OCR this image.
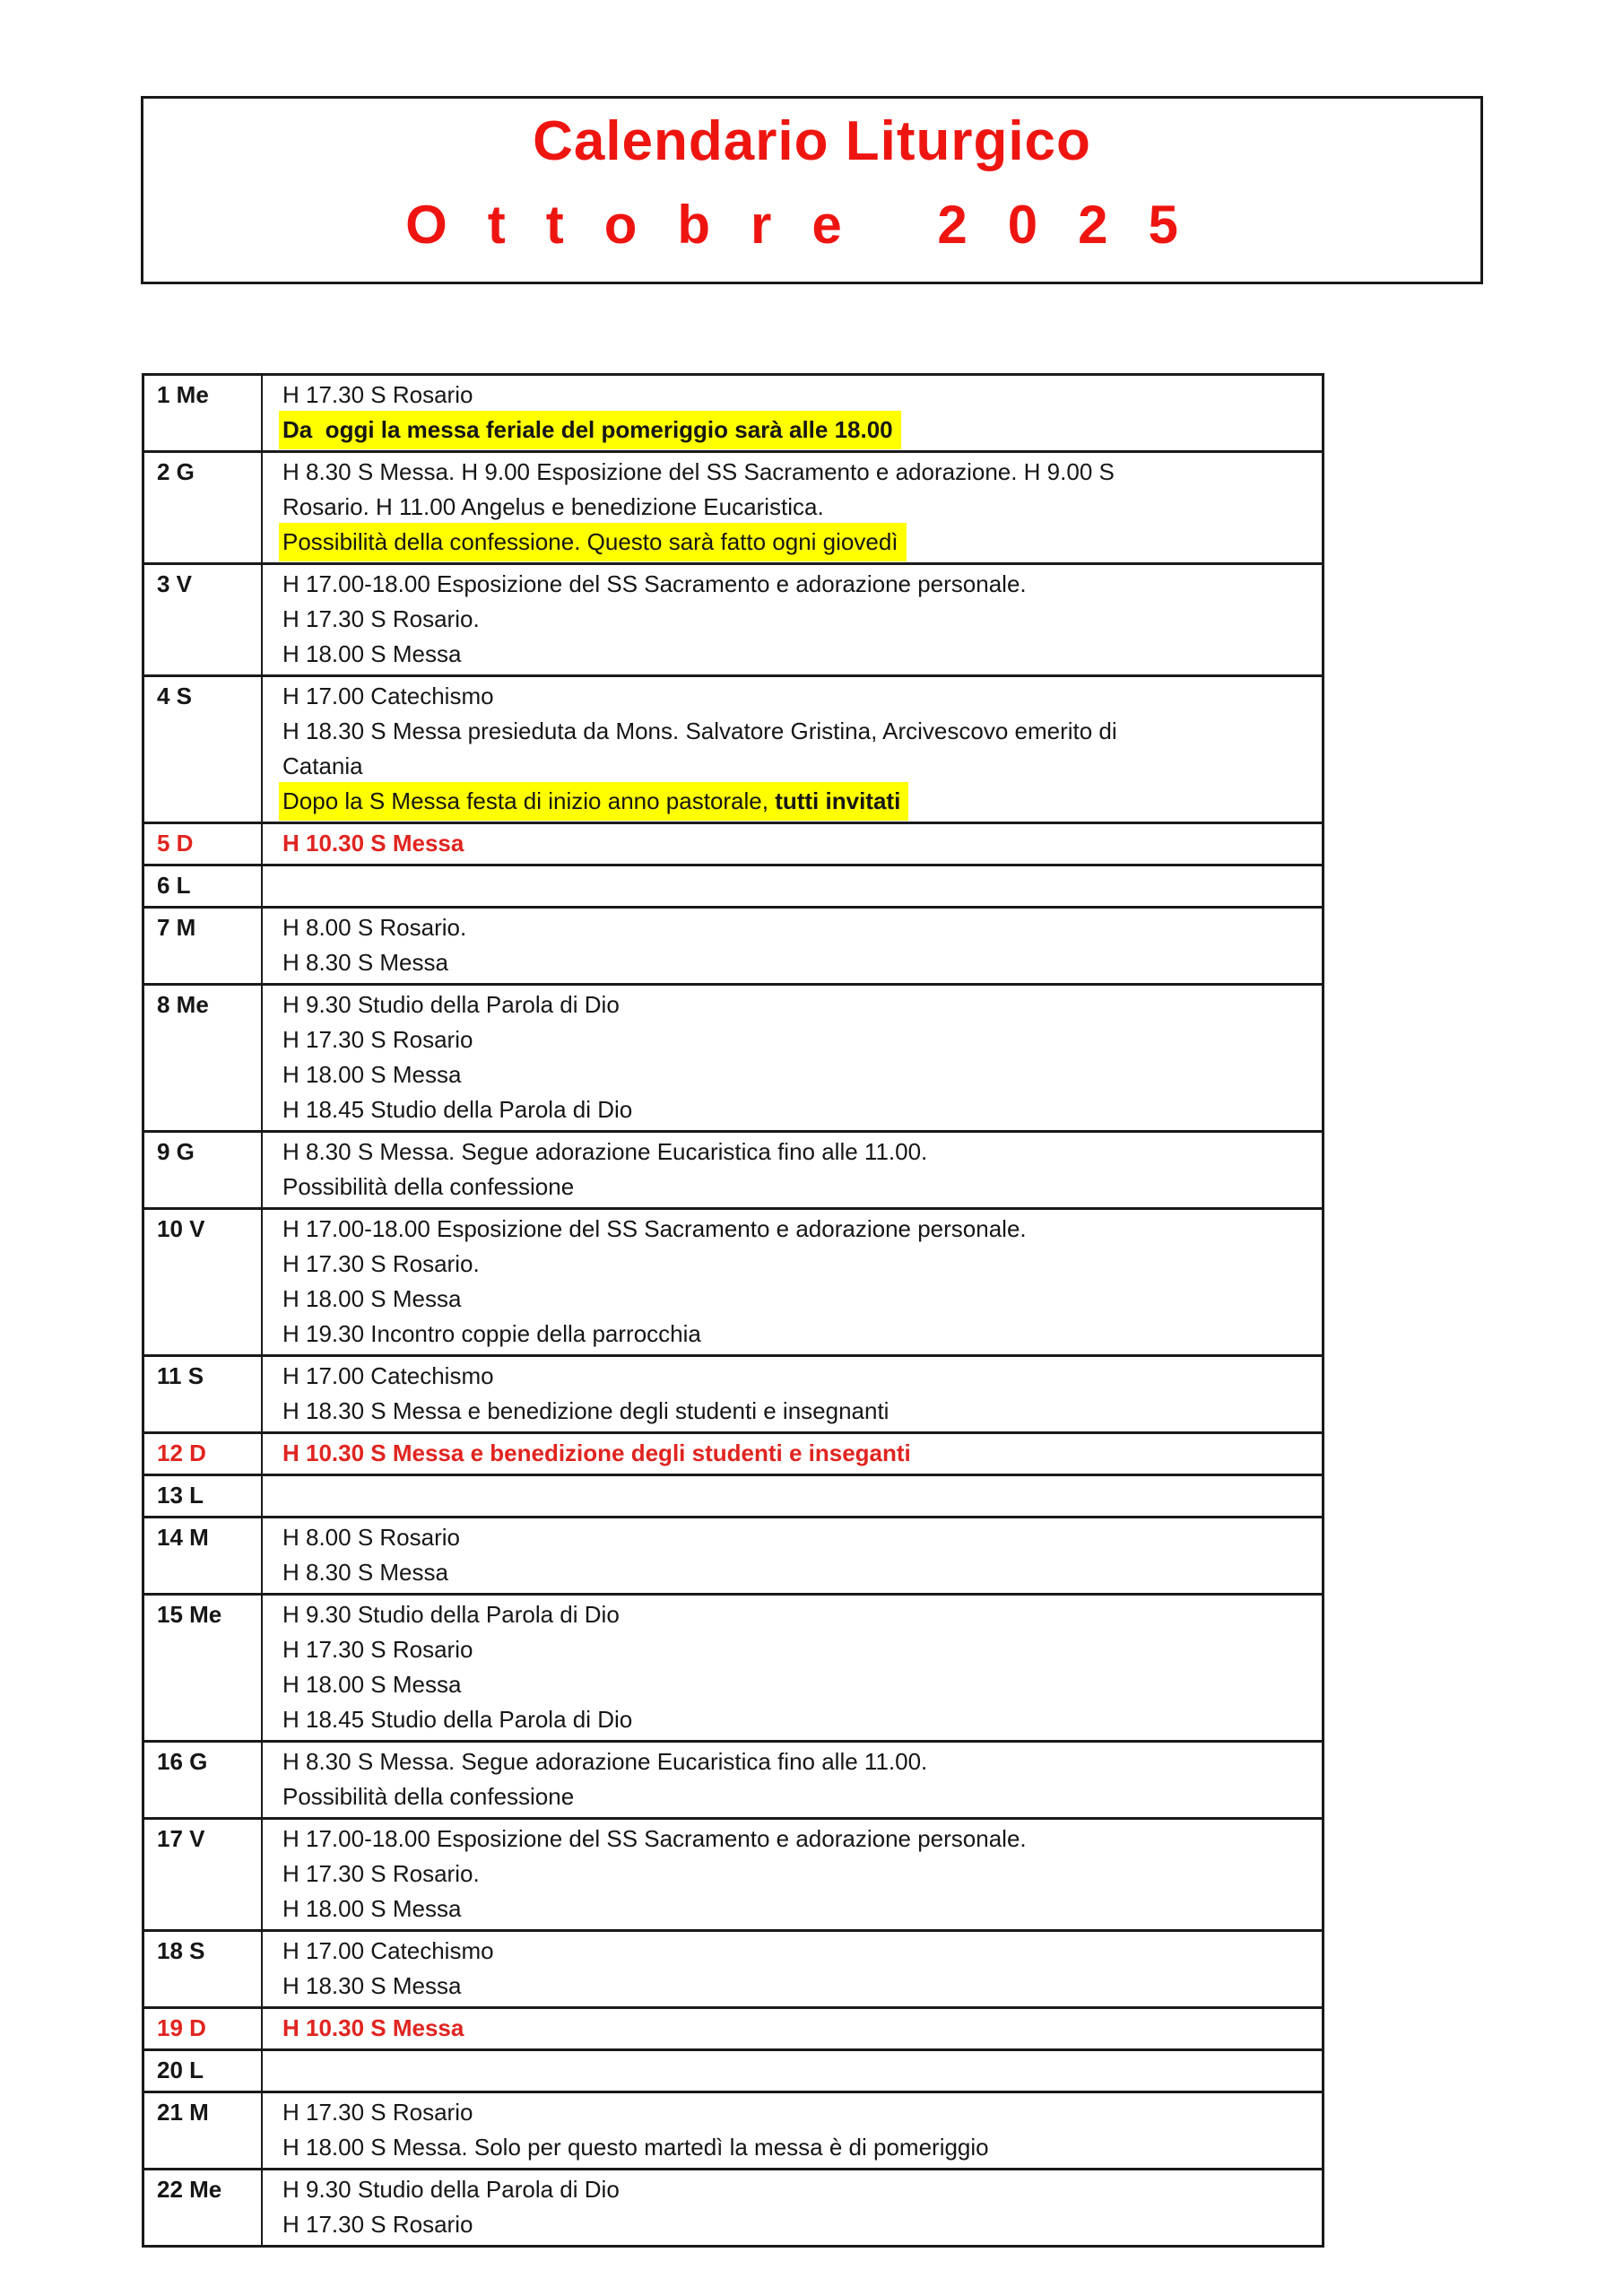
Calendario Liturgico
Ottobre 2025
1 Me	H 17.30 S Rosario
Da  oggi la messa feriale del pomeriggio sarà alle 18.00
2 G	H 8.30 S Messa. H 9.00 Esposizione del SS Sacramento e adorazione. H 9.00 S
Rosario. H 11.00 Angelus e benedizione Eucaristica.
Possibilità della confessione. Questo sarà fatto ogni giovedì
3 V	H 17.00-18.00 Esposizione del SS Sacramento e adorazione personale.
H 17.30 S Rosario.
H 18.00 S Messa
4 S	H 17.00 Catechismo
H 18.30 S Messa presieduta da Mons. Salvatore Gristina, Arcivescovo emerito di
Catania
Dopo la S Messa festa di inizio anno pastorale, tutti invitati
5 D	H 10.30 S Messa
6 L
7 M	H 8.00 S Rosario.
H 8.30 S Messa
8 Me	H 9.30 Studio della Parola di Dio
H 17.30 S Rosario
H 18.00 S Messa
H 18.45 Studio della Parola di Dio
9 G	H 8.30 S Messa. Segue adorazione Eucaristica fino alle 11.00.
Possibilità della confessione
10 V	H 17.00-18.00 Esposizione del SS Sacramento e adorazione personale.
H 17.30 S Rosario.
H 18.00 S Messa
H 19.30 Incontro coppie della parrocchia
11 S	H 17.00 Catechismo
H 18.30 S Messa e benedizione degli studenti e insegnanti
12 D	H 10.30 S Messa e benedizione degli studenti e inseganti
13 L
14 M	H 8.00 S Rosario
H 8.30 S Messa
15 Me	H 9.30 Studio della Parola di Dio
H 17.30 S Rosario
H 18.00 S Messa
H 18.45 Studio della Parola di Dio
16 G	H 8.30 S Messa. Segue adorazione Eucaristica fino alle 11.00.
Possibilità della confessione
17 V	H 17.00-18.00 Esposizione del SS Sacramento e adorazione personale.
H 17.30 S Rosario.
H 18.00 S Messa
18 S	H 17.00 Catechismo
H 18.30 S Messa
19 D	H 10.30 S Messa
20 L
21 M	H 17.30 S Rosario
H 18.00 S Messa. Solo per questo martedì la messa è di pomeriggio
22 Me	H 9.30 Studio della Parola di Dio
H 17.30 S Rosario
